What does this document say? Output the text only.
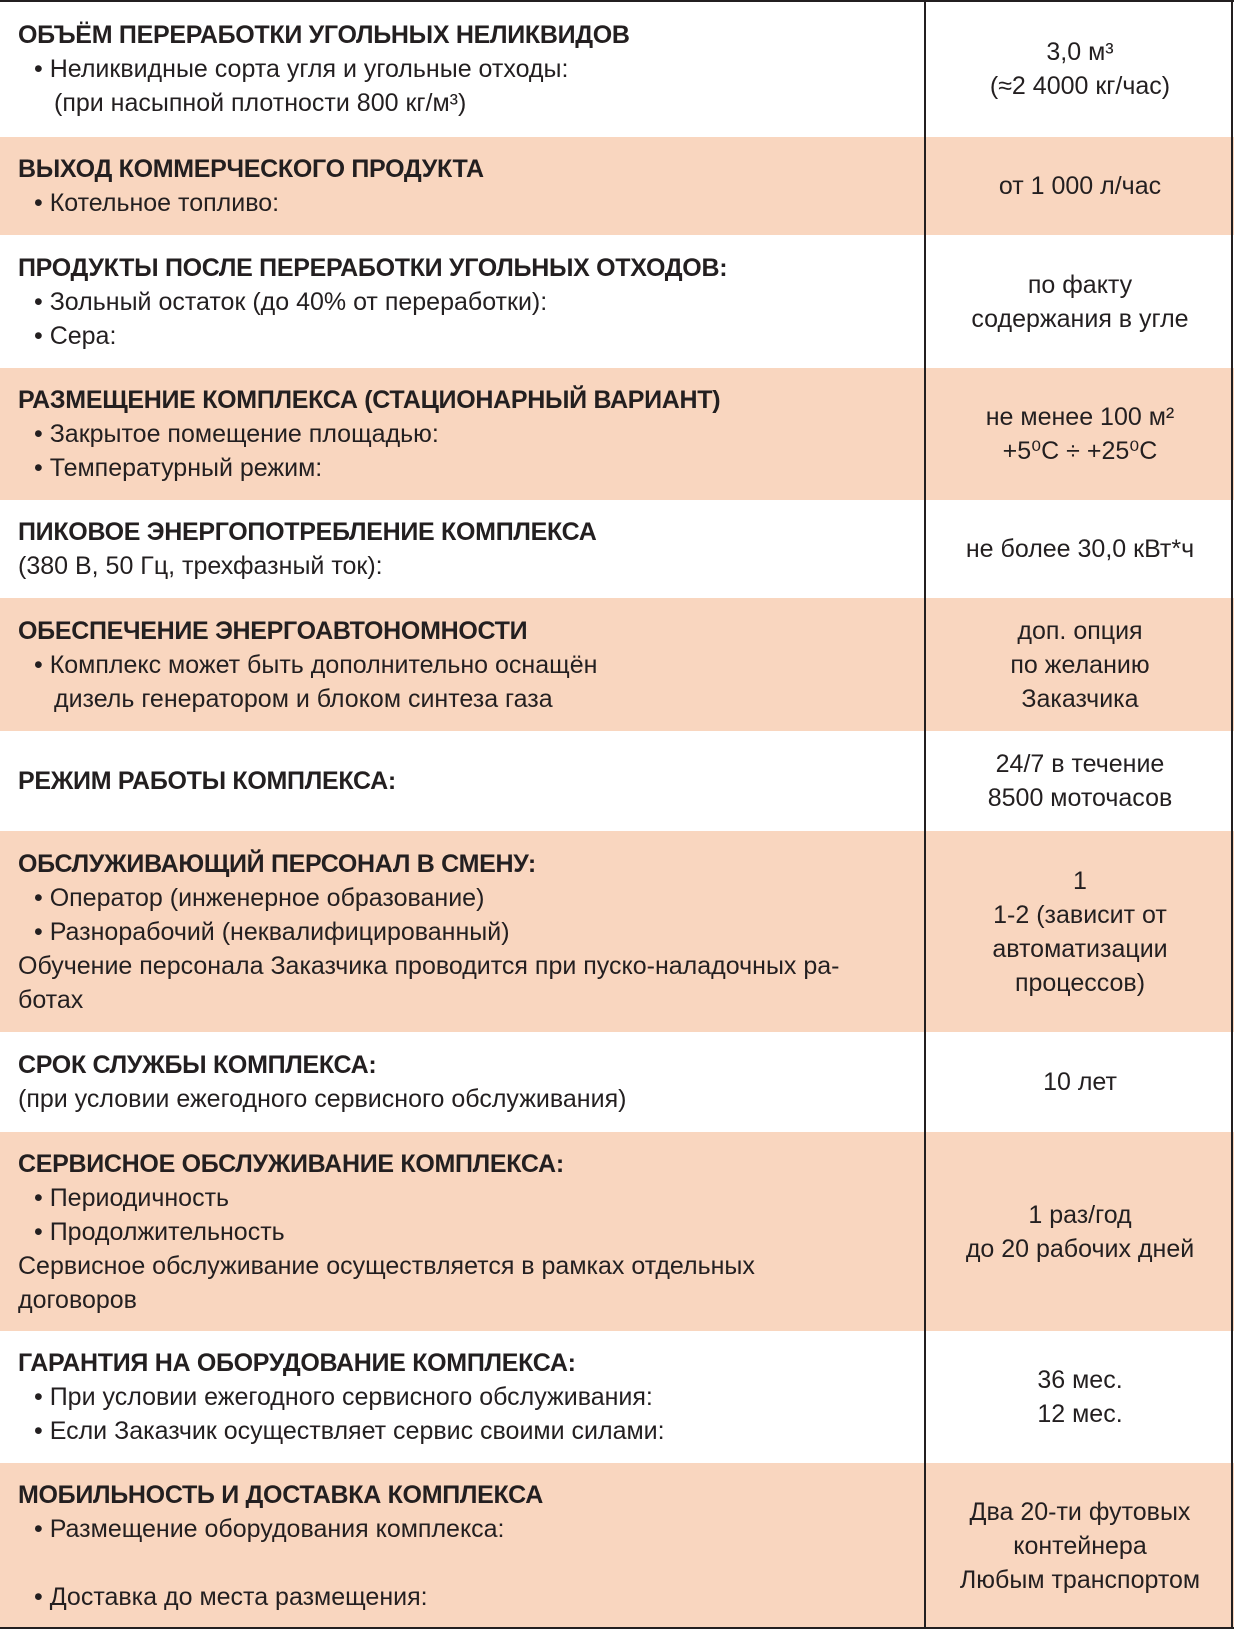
ОБЪЁМ ПЕРЕРАБОТКИ УГОЛЬНЫХ НЕЛИКВИДОВ
• Неликвидные сорта угля и угольные отходы:
(при насыпной плотности 800 кг/м³)
3,0 м³
(≈2 4000 кг/час)
ВЫХОД КОММЕРЧЕСКОГО ПРОДУКТА
• Котельное топливо:
от 1 000 л/час
ПРОДУКТЫ ПОСЛЕ ПЕРЕРАБОТКИ УГОЛЬНЫХ ОТХОДОВ:
• Зольный остаток (до 40% от переработки):
• Сера:
по факту
содержания в угле
РАЗМЕЩЕНИЕ КОМПЛЕКСА (СТАЦИОНАРНЫЙ ВАРИАНТ)
• Закрытое помещение площадью:
• Температурный режим:
не менее 100 м²
+5⁰С ÷ +25⁰С
ПИКОВОЕ ЭНЕРГОПОТРЕБЛЕНИЕ КОМПЛЕКСА
(380 В, 50 Гц, трехфазный ток):
не более 30,0 кВт*ч
ОБЕСПЕЧЕНИЕ ЭНЕРГОАВТОНОМНОСТИ
• Комплекс может быть дополнительно оснащён
дизель генератором и блоком синтеза газа
доп. опция
по желанию
Заказчика
РЕЖИМ РАБОТЫ КОМПЛЕКСА:
24/7 в течение
8500 моточасов
ОБСЛУЖИВАЮЩИЙ ПЕРСОНАЛ В СМЕНУ:
• Оператор (инженерное образование)
• Разнорабочий (неквалифицированный)
Обучение персонала Заказчика проводится при пуско-наладочных ра-
ботах
1
1-2 (зависит от
автоматизации
процессов)
СРОК СЛУЖБЫ КОМПЛЕКСА:
(при условии ежегодного сервисного обслуживания)
10 лет
СЕРВИСНОЕ ОБСЛУЖИВАНИЕ КОМПЛЕКСА:
• Периодичность
• Продолжительность
Сервисное обслуживание осуществляется в рамках отдельных
договоров
1 раз/год
до 20 рабочих дней
ГАРАНТИЯ НА ОБОРУДОВАНИЕ КОМПЛЕКСА:
• При условии ежегодного сервисного обслуживания:
• Если Заказчик осуществляет сервис своими силами:
36 мес.
12 мес.
МОБИЛЬНОСТЬ И ДОСТАВКА КОМПЛЕКСА
• Размещение оборудования комплекса:
• Доставка до места размещения:
Два 20-ти футовых
контейнера
Любым транспортом
